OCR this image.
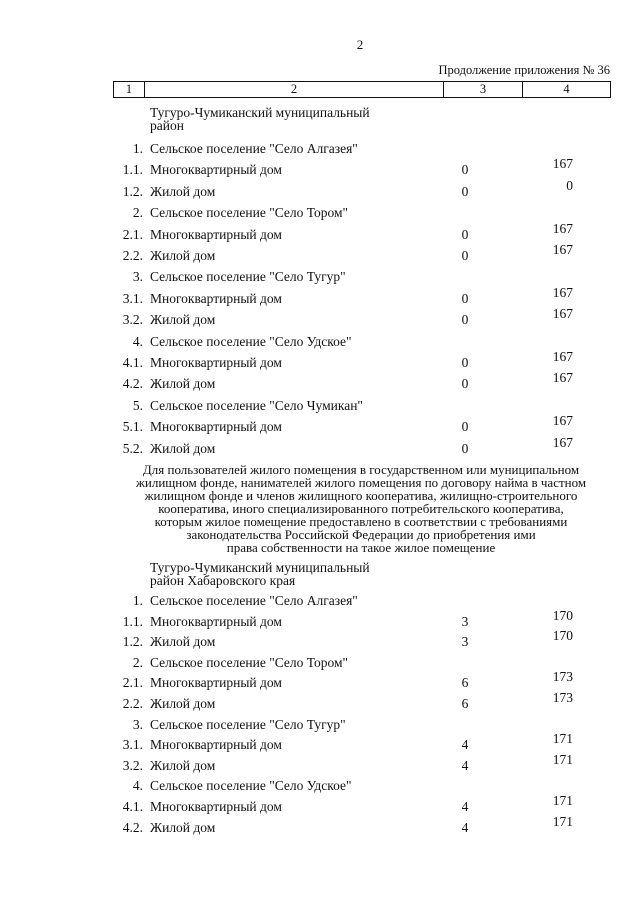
2
Продолжение приложения № 36
1	2	3	4
Тугуро-Чумиканский муниципальный
район
1. Сельское поселение "Село Алгазея"
1.1. Многоквартирный дом	0	167
1.2. Жилой дом	0	0
2. Сельское поселение "Село Тором"
2.1. Многоквартирный дом	0	167
2.2. Жилой дом	0	167
3. Сельское поселение "Село Тугур"
3.1. Многоквартирный дом	0	167
3.2. Жилой дом	0	167
4. Сельское поселение "Село Удское"
4.1. Многоквартирный дом	0	167
4.2. Жилой дом	0	167
5. Сельское поселение "Село Чумикан"
5.1. Многоквартирный дом	0	167
5.2. Жилой дом	0	167
Для пользователей жилого помещения в государственном или муниципальном
жилищном фонде, нанимателей жилого помещения по договору найма в частном
жилищном фонде и членов жилищного кооператива, жилищно-строительного
кооператива, иного специализированного потребительского кооператива,
которым жилое помещение предоставлено в соответствии с требованиями
законодательства Российской Федерации до приобретения ими
права собственности на такое жилое помещение
Тугуро-Чумиканский муниципальный
район Хабаровского края
1. Сельское поселение "Село Алгазея"
1.1. Многоквартирный дом	3	170
1.2. Жилой дом	3	170
2. Сельское поселение "Село Тором"
2.1. Многоквартирный дом	6	173
2.2. Жилой дом	6	173
3. Сельское поселение "Село Тугур"
3.1. Многоквартирный дом	4	171
3.2. Жилой дом	4	171
4. Сельское поселение "Село Удское"
4.1. Многоквартирный дом	4	171
4.2. Жилой дом	4	171
